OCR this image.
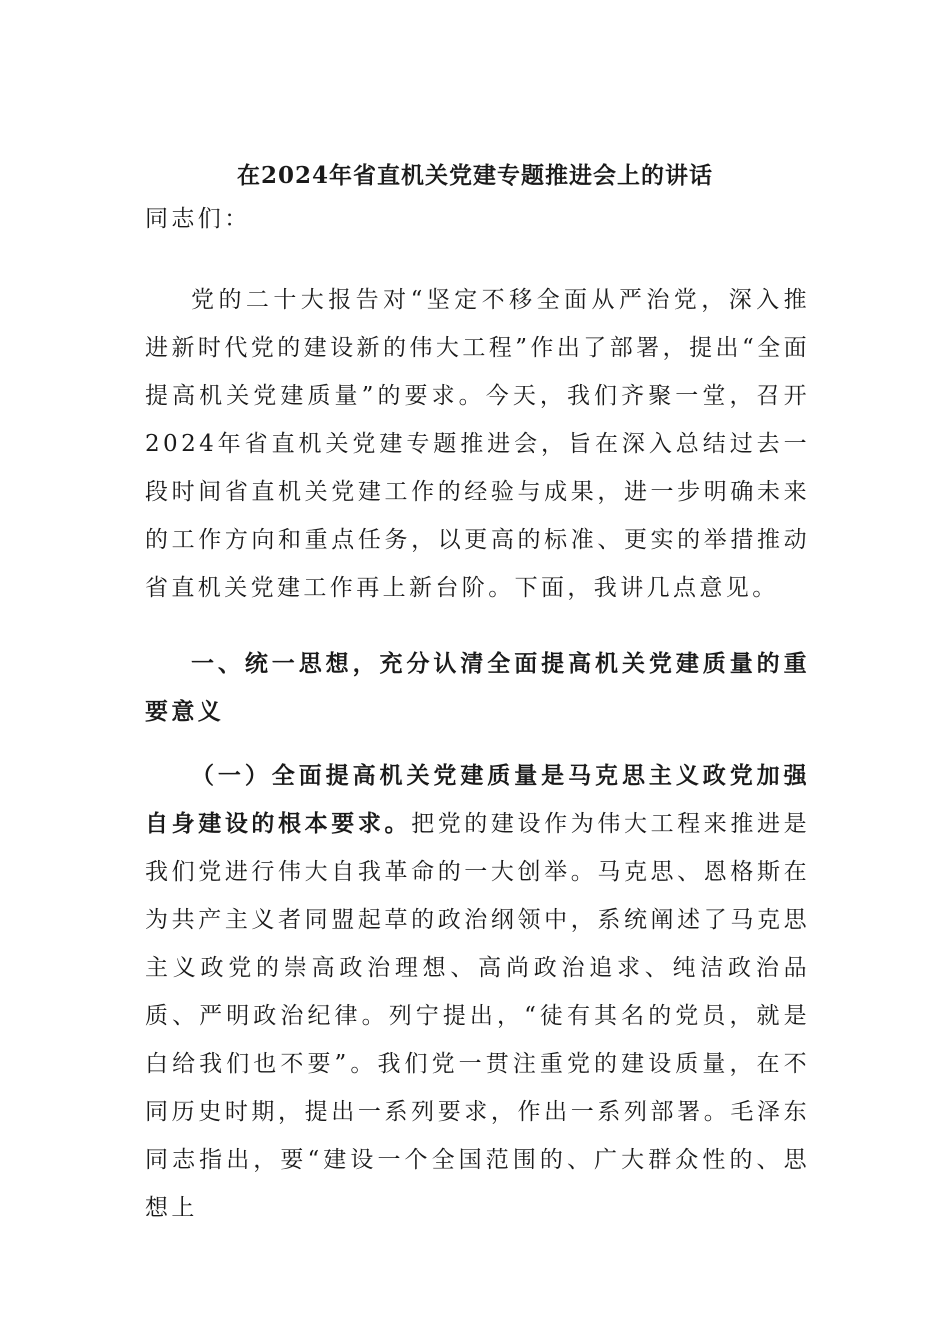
在2024年省直机关党建专题推进会上的讲话
同志们：
党的二十大报告对“坚定不移全面从严治党，深入推进新时代党的建设新的伟大工程”作出了部署，提出“全面提高机关党建质量”的要求。今天，我们齐聚一堂，召开2024年省直机关党建专题推进会，旨在深入总结过去一段时间省直机关党建工作的经验与成果，进一步明确未来的工作方向和重点任务，以更高的标准、更实的举措推动省直机关党建工作再上新台阶。下面，我讲几点意见。
一、统一思想，充分认清全面提高机关党建质量的重要意义
（一）全面提高机关党建质量是马克思主义政党加强自身建设的根本要求。把党的建设作为伟大工程来推进是我们党进行伟大自我革命的一大创举。马克思、恩格斯在为共产主义者同盟起草的政治纲领中，系统阐述了马克思主义政党的崇高政治理想、高尚政治追求、纯洁政治品质、严明政治纪律。列宁提出，“徒有其名的党员，就是白给我们也不要”。我们党一贯注重党的建设质量，在不同历史时期，提出一系列要求，作出一系列部署。毛泽东同志指出，要“建设一个全国范围的、广大群众性的、思想上
